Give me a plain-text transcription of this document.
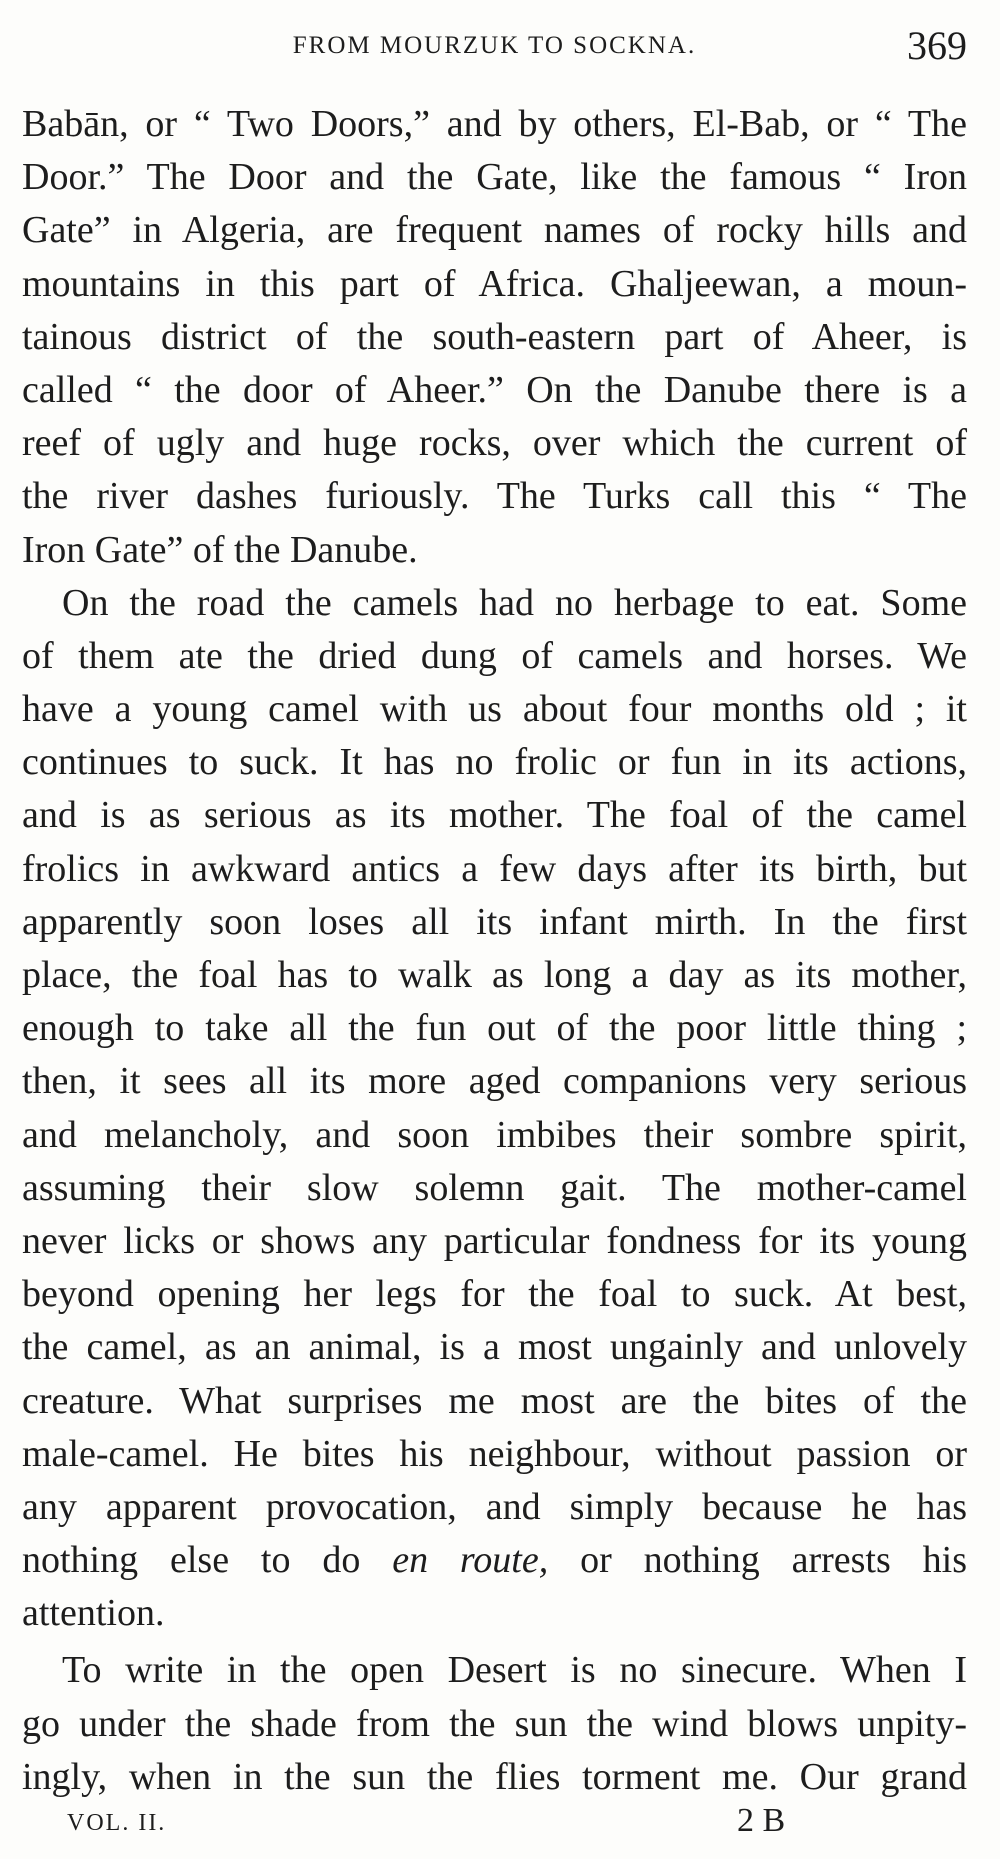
FROM MOURZUK TO SOCKNA.	369
Babān, or “ Two Doors,” and by others, El-Bab, or “ The
Door.” The Door and the Gate, like the famous “ Iron
Gate” in Algeria, are frequent names of rocky hills and
mountains in this part of Africa. Ghaljeewan, a moun-
tainous district of the south-eastern part of Aheer, is
called “ the door of Aheer.” On the Danube there is a
reef of ugly and huge rocks, over which the current of
the river dashes furiously. The Turks call this “ The
Iron Gate” of the Danube.
On the road the camels had no herbage to eat. Some
of them ate the dried dung of camels and horses. We
have a young camel with us about four months old ; it
continues to suck. It has no frolic or fun in its actions,
and is as serious as its mother. The foal of the camel
frolics in awkward antics a few days after its birth, but
apparently soon loses all its infant mirth. In the first
place, the foal has to walk as long a day as its mother,
enough to take all the fun out of the poor little thing ;
then, it sees all its more aged companions very serious
and melancholy, and soon imbibes their sombre spirit,
assuming their slow solemn gait. The mother-camel
never licks or shows any particular fondness for its young
beyond opening her legs for the foal to suck. At best,
the camel, as an animal, is a most ungainly and unlovely
creature. What surprises me most are the bites of the
male-camel. He bites his neighbour, without passion or
any apparent provocation, and simply because he has
nothing else to do en route, or nothing arrests his
attention.
To write in the open Desert is no sinecure. When I
go under the shade from the sun the wind blows unpity-
ingly, when in the sun the flies torment me. Our grand
VOL. II.	2 B
